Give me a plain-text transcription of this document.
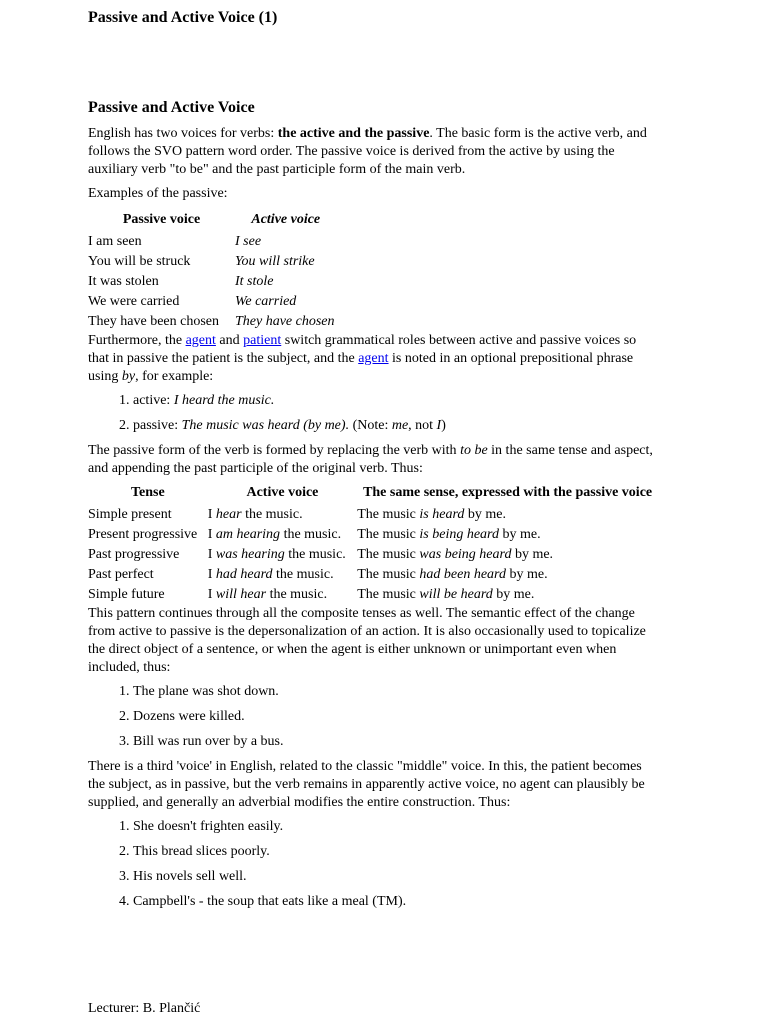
Passive and Active Voice (1)
Passive and Active Voice

English has two voices for verbs: the active and the passive. The basic form is the active verb, and follows the SVO pattern word order. The passive voice is derived from the active by using the auxiliary verb "to be" and the past participle form of the main verb.

Examples of the passive:

Passive voice	Active voice
I am seen	I see
You will be struck	You will strike
It was stolen	It stole
We were carried	We carried
They have been chosen	They have chosen

Furthermore, the agent and patient switch grammatical roles between active and passive voices so that in passive the patient is the subject, and the agent is noted in an optional prepositional phrase using by, for example:

1. active: I heard the music.
2. passive: The music was heard (by me). (Note: me, not I)

The passive form of the verb is formed by replacing the verb with to be in the same tense and aspect, and appending the past participle of the original verb. Thus:

Tense	Active voice	The same sense, expressed with the passive voice
Simple present	I hear the music.	The music is heard by me.
Present progressive	I am hearing the music.	The music is being heard by me.
Past progressive	I was hearing the music.	The music was being heard by me.
Past perfect	I had heard the music.	The music had been heard by me.
Simple future	I will hear the music.	The music will be heard by me.

This pattern continues through all the composite tenses as well. The semantic effect of the change from active to passive is the depersonalization of an action. It is also occasionally used to topicalize the direct object of a sentence, or when the agent is either unknown or unimportant even when included, thus:

1. The plane was shot down.
2. Dozens were killed.
3. Bill was run over by a bus.

There is a third 'voice' in English, related to the classic "middle" voice. In this, the patient becomes the subject, as in passive, but the verb remains in apparently active voice, no agent can plausibly be supplied, and generally an adverbial modifies the entire construction. Thus:

1. She doesn't frighten easily.
2. This bread slices poorly.
3. His novels sell well.
4. Campbell's - the soup that eats like a meal (TM).
Lecturer: B. Plančić
